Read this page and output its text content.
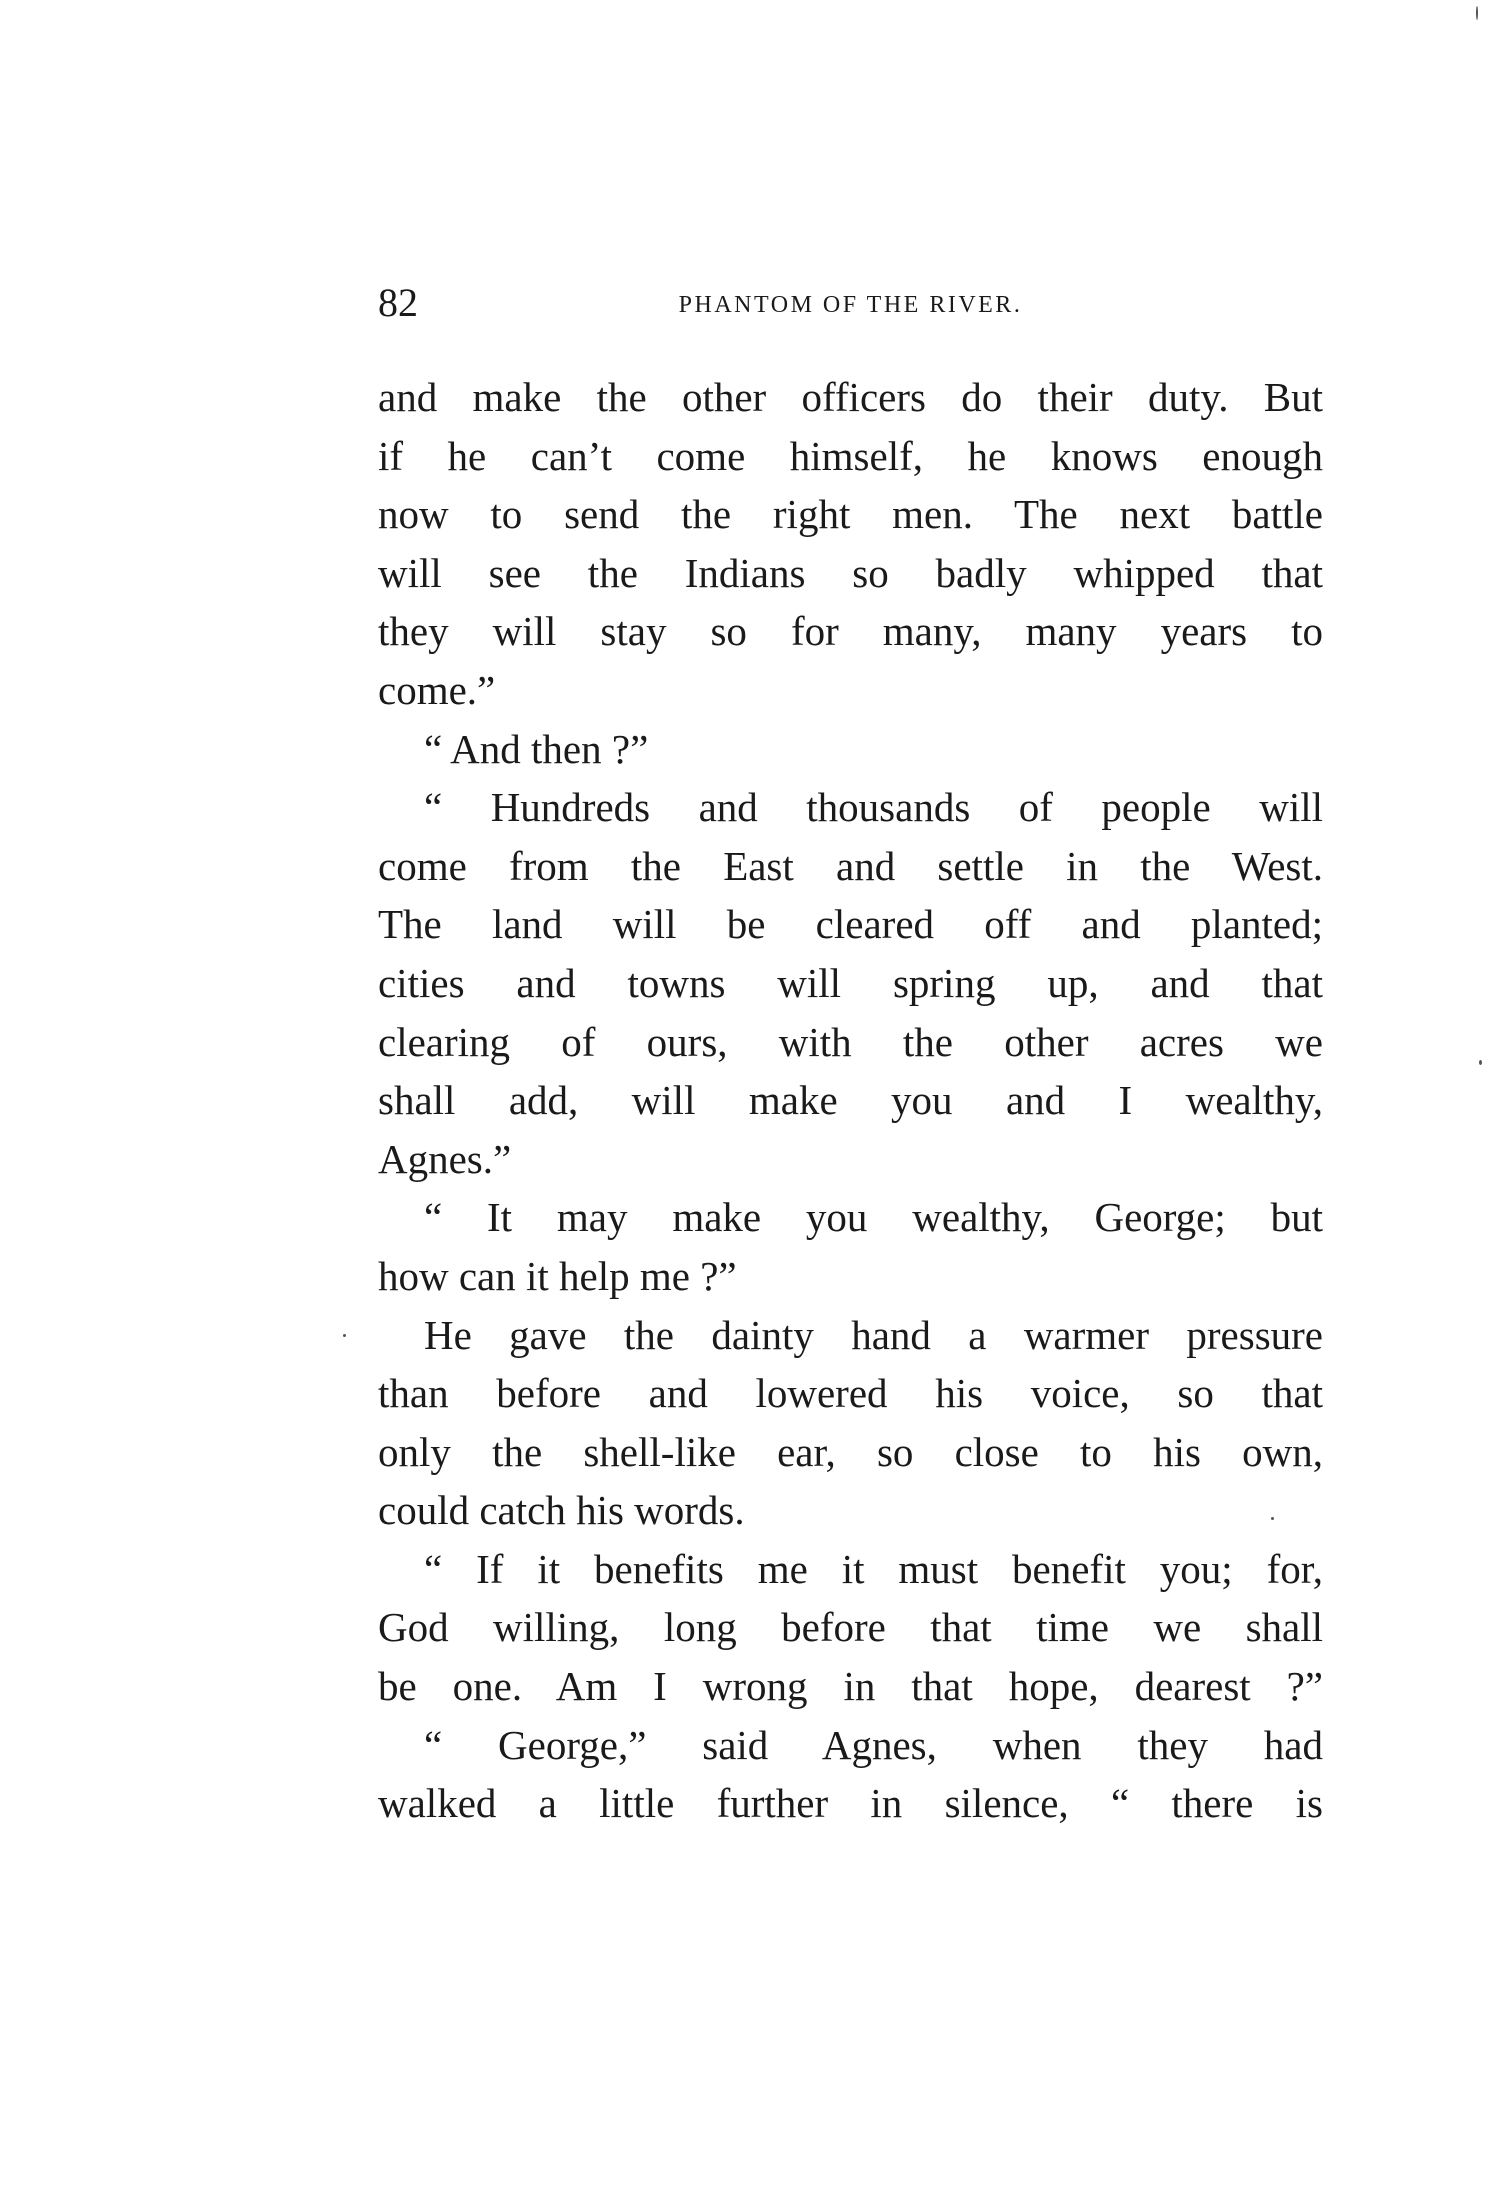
82	PHANTOM OF THE RIVER.
and make the other officers do their duty. But
if he can’t come himself, he knows enough
now to send the right men. The next battle
will see the Indians so badly whipped that
they will stay so for many, many years to
come.”
“ And then ?”
“ Hundreds and thousands of people will
come from the East and settle in the West.
The land will be cleared off and planted;
cities and towns will spring up, and that
clearing of ours, with the other acres we
shall add, will make you and I wealthy,
Agnes.”
“ It may make you wealthy, George; but
how can it help me ?”
He gave the dainty hand a warmer pressure
than before and lowered his voice, so that
only the shell-like ear, so close to his own,
could catch his words.
“ If it benefits me it must benefit you; for,
God willing, long before that time we shall
be one. Am I wrong in that hope, dearest ?”
“ George,” said Agnes, when they had
walked a little further in silence, “ there is
